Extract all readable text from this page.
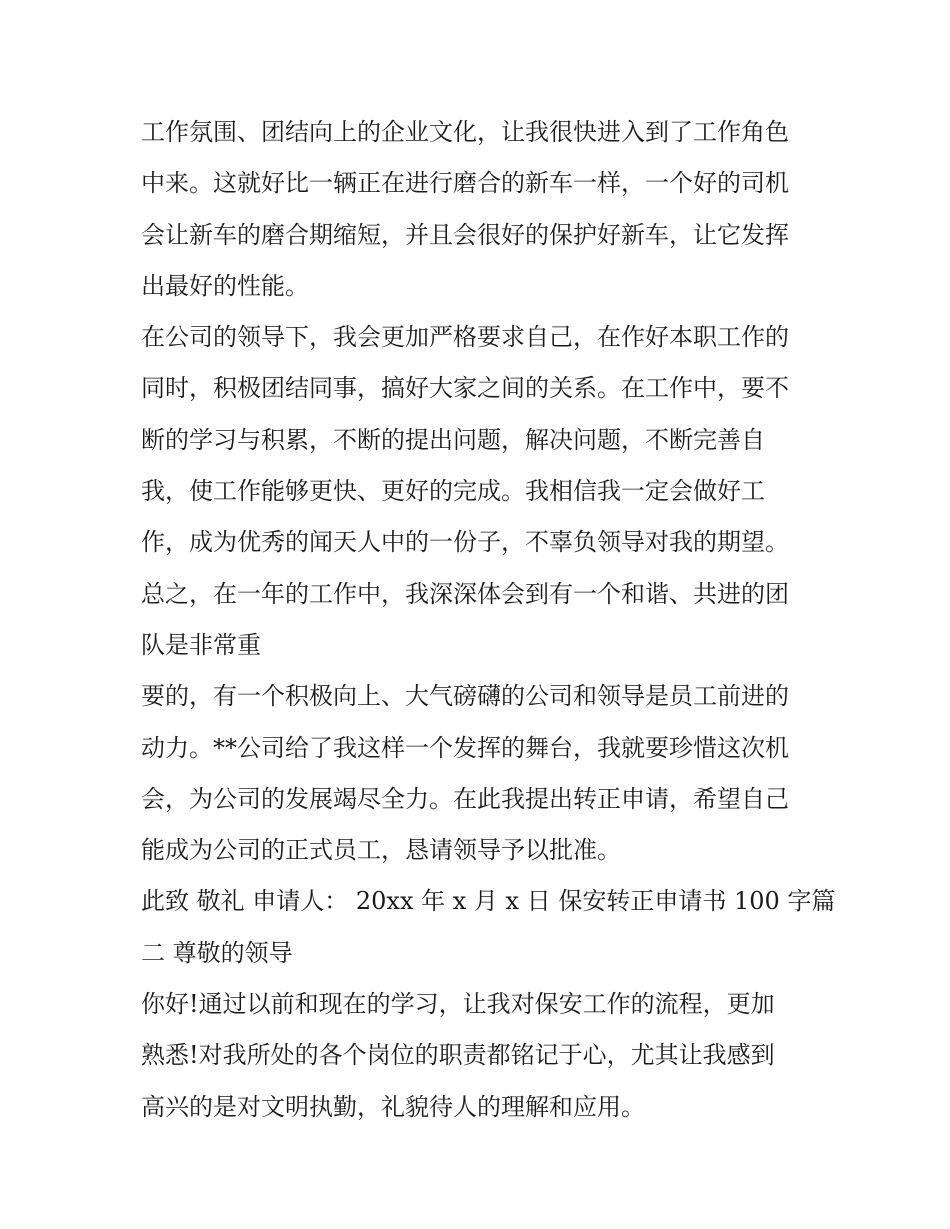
工作氛围、团结向上的企业文化，让我很快进入到了工作角色
中来。这就好比一辆正在进行磨合的新车一样，一个好的司机
会让新车的磨合期缩短，并且会很好的保护好新车，让它发挥
出最好的性能。
在公司的领导下，我会更加严格要求自己，在作好本职工作的
同时，积极团结同事，搞好大家之间的关系。在工作中，要不
断的学习与积累，不断的提出问题，解决问题，不断完善自
我，使工作能够更快、更好的完成。我相信我一定会做好工
作，成为优秀的闻天人中的一份子，不辜负领导对我的期望。
总之，在一年的工作中，我深深体会到有一个和谐、共进的团
队是非常重
要的，有一个积极向上、大气磅礴的公司和领导是员工前进的
动力。**公司给了我这样一个发挥的舞台，我就要珍惜这次机
会，为公司的发展竭尽全力。在此我提出转正申请，希望自己
能成为公司的正式员工，恳请领导予以批准。
此致 敬礼 申请人： 20xx 年 x 月 x 日 保安转正申请书 100 字篇
二 尊敬的领导
你好!通过以前和现在的学习，让我对保安工作的流程，更加
熟悉!对我所处的各个岗位的职责都铭记于心，尤其让我感到
高兴的是对文明执勤，礼貌待人的理解和应用。
